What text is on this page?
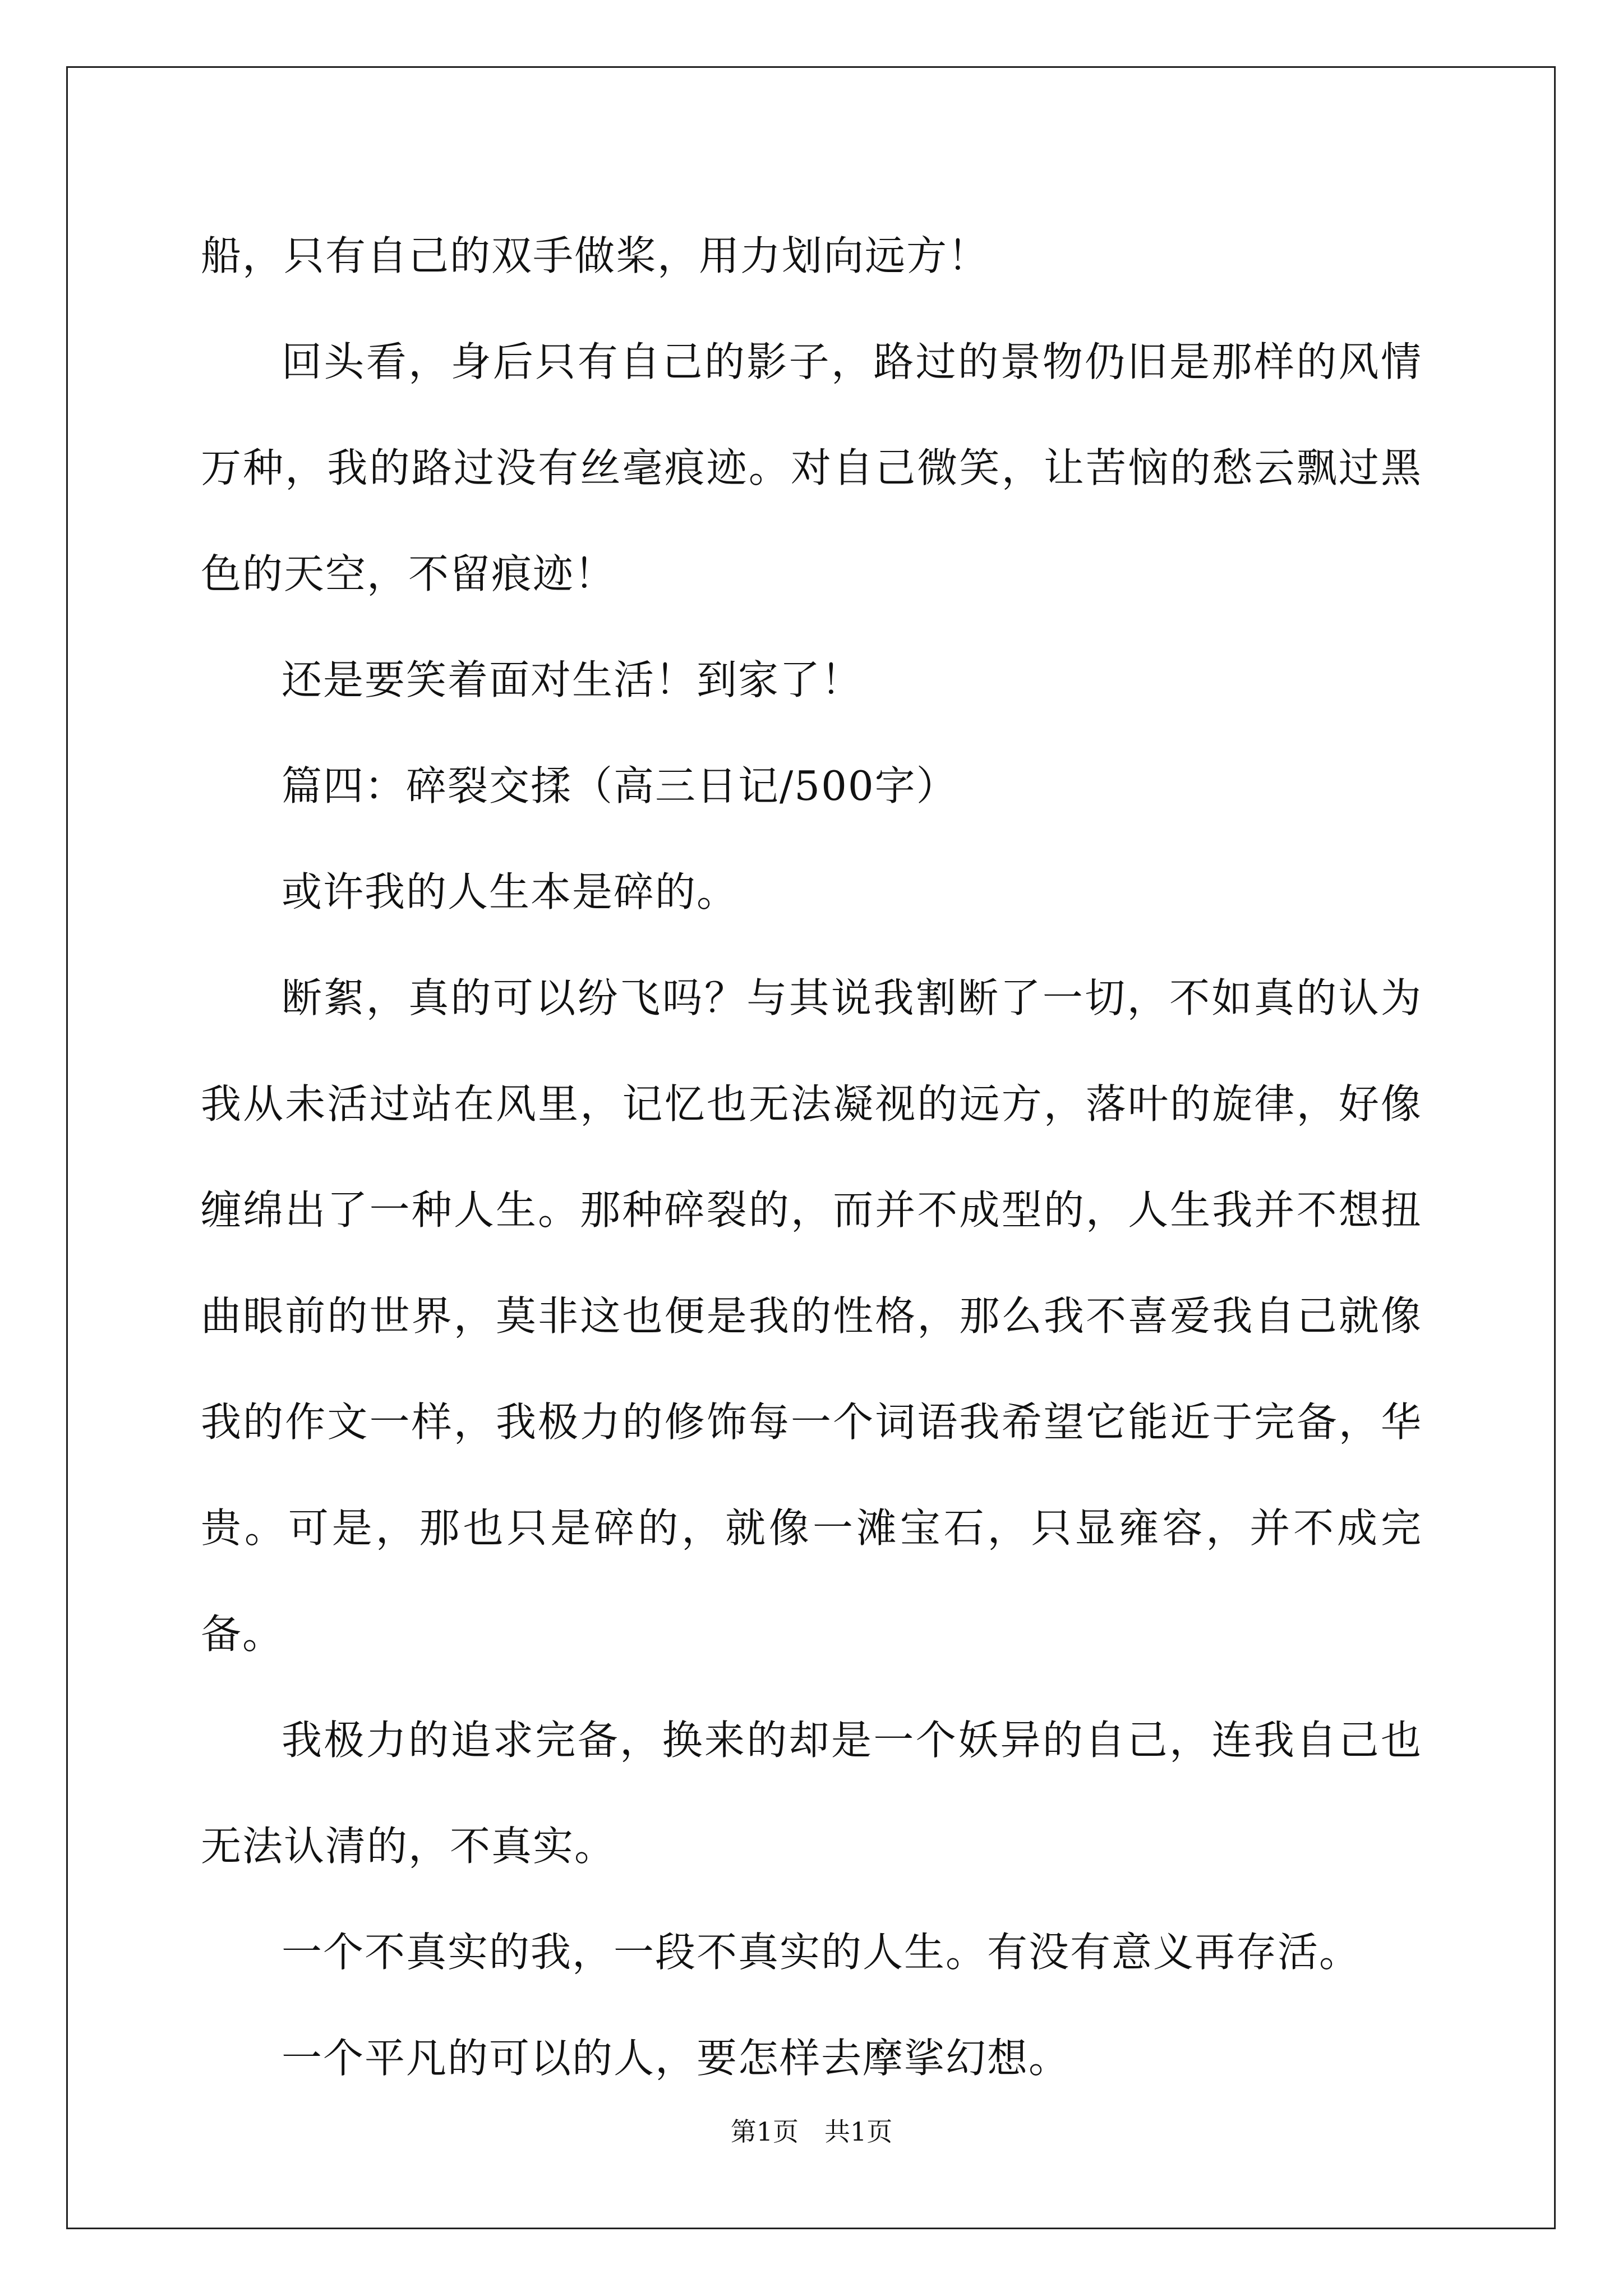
船，只有自己的双手做桨，用力划向远方！

回头看，身后只有自己的影子，路过的景物仍旧是那样的风情万种，我的路过没有丝毫痕迹。对自己微笑，让苦恼的愁云飘过黑色的天空，不留痕迹！

还是要笑着面对生活！到家了！

篇四：碎裂交揉（高三日记/500字）

或许我的人生本是碎的。

断絮，真的可以纷飞吗？与其说我割断了一切，不如真的认为我从未活过站在风里，记忆也无法凝视的远方，落叶的旋律，好像缠绵出了一种人生。那种碎裂的，而并不成型的，人生我并不想扭曲眼前的世界，莫非这也便是我的性格，那么我不喜爱我自己就像我的作文一样，我极力的修饰每一个词语我希望它能近于完备，华贵。可是，那也只是碎的，就像一滩宝石，只显雍容，并不成完备。

我极力的追求完备，换来的却是一个妖异的自己，连我自己也无法认清的，不真实。

一个不真实的我，一段不真实的人生。有没有意义再存活。

一个平凡的可以的人，要怎样去摩挲幻想。

第1页　共1页
